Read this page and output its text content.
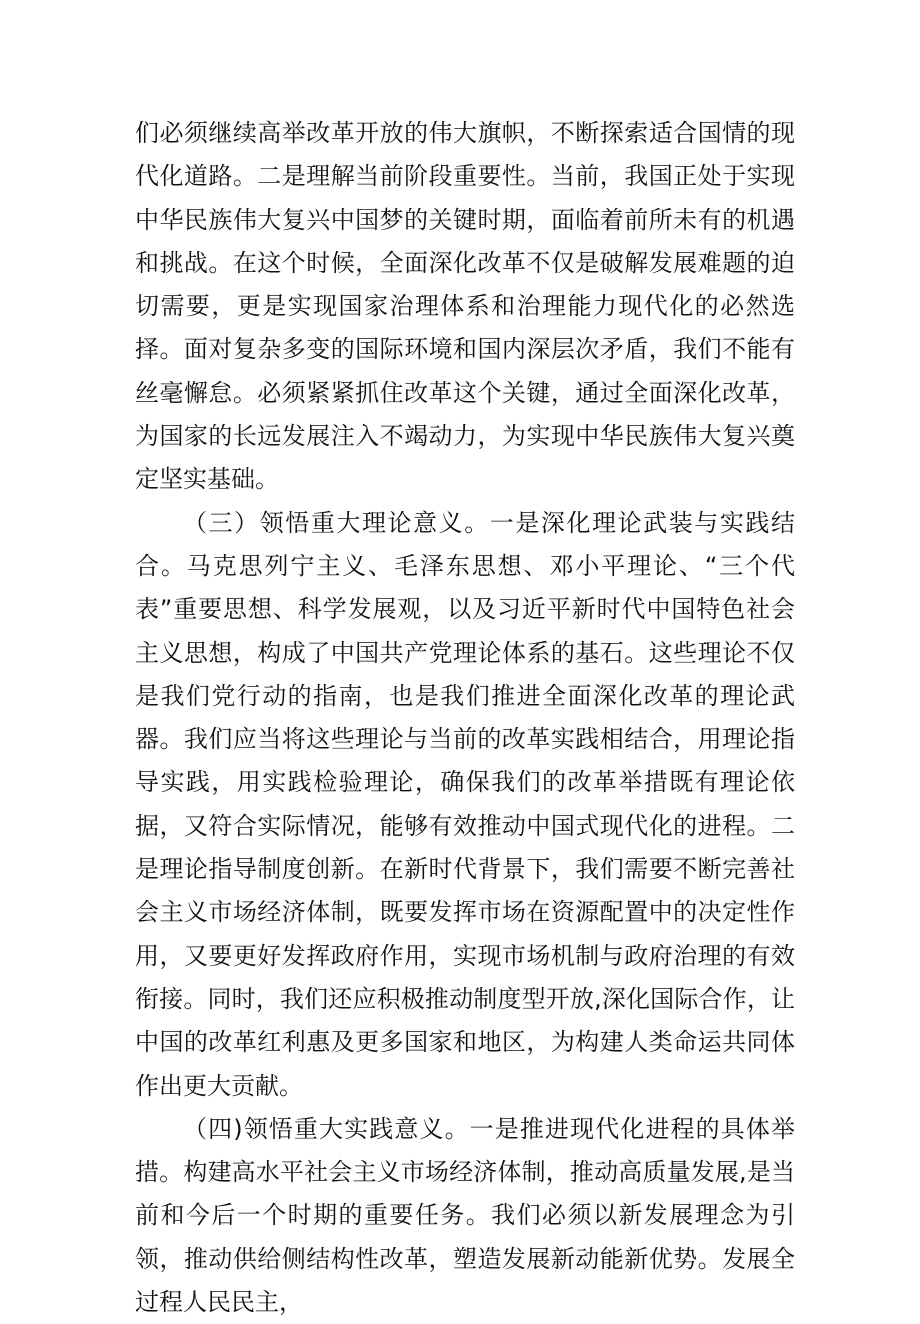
们必须继续高举改革开放的伟大旗帜，不断探索适合国情的现代化道路。二是理解当前阶段重要性。当前，我国正处于实现中华民族伟大复兴中国梦的关键时期，面临着前所未有的机遇和挑战。在这个时候，全面深化改革不仅是破解发展难题的迫切需要，更是实现国家治理体系和治理能力现代化的必然选择。面对复杂多变的国际环境和国内深层次矛盾，我们不能有丝毫懈怠。必须紧紧抓住改革这个关键，通过全面深化改革，为国家的长远发展注入不竭动力，为实现中华民族伟大复兴奠定坚实基础。

（三）领悟重大理论意义。一是深化理论武装与实践结合。马克思列宁主义、毛泽东思想、邓小平理论、“三个代表”重要思想、科学发展观，以及习近平新时代中国特色社会主义思想，构成了中国共产党理论体系的基石。这些理论不仅是我们党行动的指南，也是我们推进全面深化改革的理论武器。我们应当将这些理论与当前的改革实践相结合，用理论指导实践，用实践检验理论，确保我们的改革举措既有理论依据，又符合实际情况，能够有效推动中国式现代化的进程。二是理论指导制度创新。在新时代背景下，我们需要不断完善社会主义市场经济体制，既要发挥市场在资源配置中的决定性作用，又要更好发挥政府作用，实现市场机制与政府治理的有效衔接。同时，我们还应积极推动制度型开放,深化国际合作，让中国的改革红利惠及更多国家和地区，为构建人类命运共同体作出更大贡献。

（四)领悟重大实践意义。一是推进现代化进程的具体举措。构建高水平社会主义市场经济体制，推动高质量发展,是当前和今后一个时期的重要任务。我们必须以新发展理念为引领，推动供给侧结构性改革，塑造发展新动能新优势。发展全过程人民民主，
